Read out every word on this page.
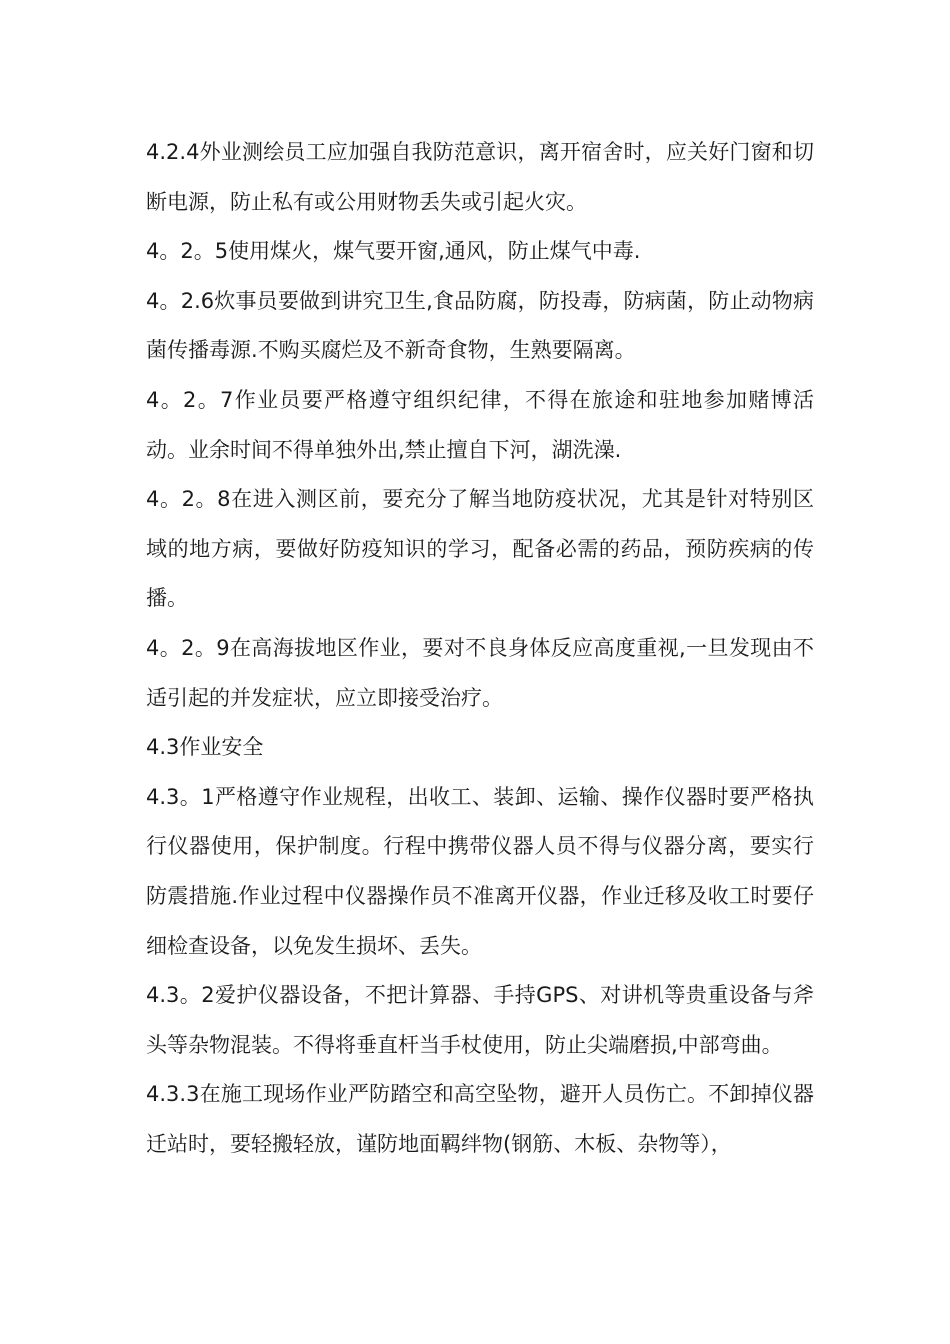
4.2.4外业测绘员工应加强自我防范意识，离开宿舍时，应关好门窗和切断电源，防止私有或公用财物丢失或引起火灾。

4。2。5使用煤火，煤气要开窗,通风，防止煤气中毒.

4。2.6炊事员要做到讲究卫生,食品防腐，防投毒，防病菌，防止动物病菌传播毒源.不购买腐烂及不新奇食物，生熟要隔离。

4。2。7作业员要严格遵守组织纪律，不得在旅途和驻地参加赌博活动。业余时间不得单独外出,禁止擅自下河，湖洗澡.

4。2。8在进入测区前，要充分了解当地防疫状况，尤其是针对特别区域的地方病，要做好防疫知识的学习，配备必需的药品，预防疾病的传播。

4。2。9在高海拔地区作业，要对不良身体反应高度重视,一旦发现由不适引起的并发症状，应立即接受治疗。

4.3作业安全

4.3。1严格遵守作业规程，出收工、装卸、运输、操作仪器时要严格执行仪器使用，保护制度。行程中携带仪器人员不得与仪器分离，要实行防震措施.作业过程中仪器操作员不准离开仪器，作业迁移及收工时要仔细检查设备，以免发生损坏、丢失。

4.3。2爱护仪器设备，不把计算器、手持GPS、对讲机等贵重设备与斧头等杂物混装。不得将垂直杆当手杖使用，防止尖端磨损,中部弯曲。

4.3.3在施工现场作业严防踏空和高空坠物，避开人员伤亡。不卸掉仪器迁站时，要轻搬轻放，谨防地面羁绊物(钢筋、木板、杂物等），
